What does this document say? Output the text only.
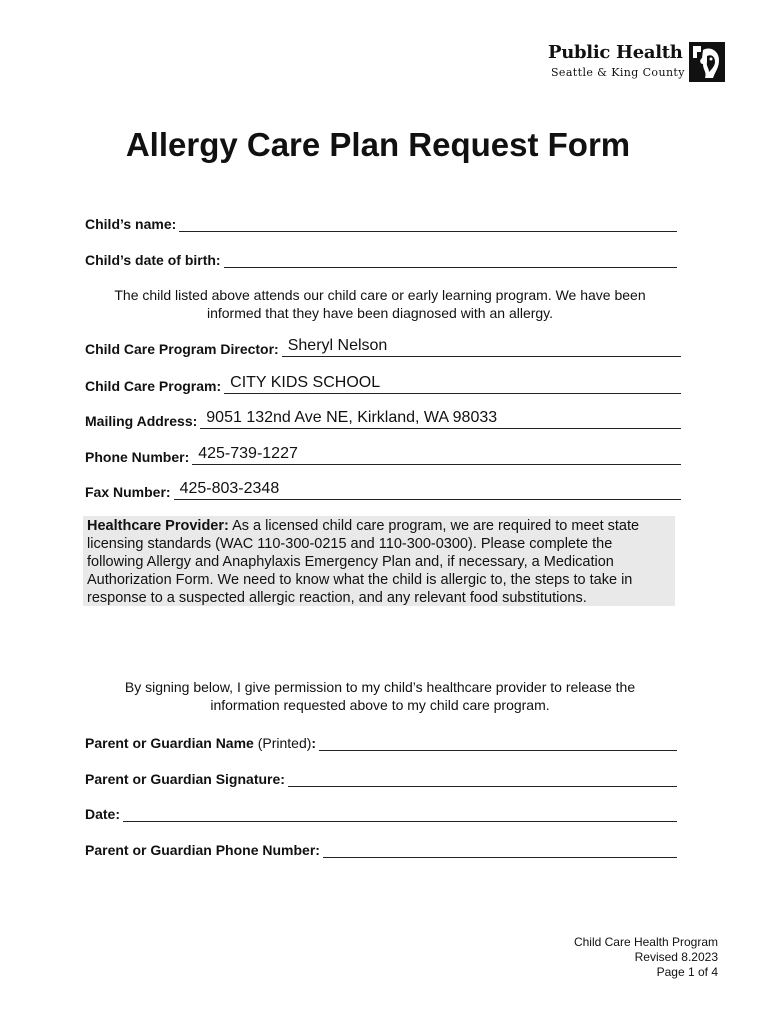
Public Health
Seattle & King County
Allergy Care Plan Request Form
Child’s name:
Child’s date of birth:

The child listed above attends our child care or early learning program. We have been
informed that they have been diagnosed with an allergy.

Child Care Program Director: Sheryl Nelson
Child Care Program: CITY KIDS SCHOOL
Mailing Address: 9051 132nd Ave NE, Kirkland, WA 98033
Phone Number: 425-739-1227
Fax Number: 425-803-2348

Healthcare Provider: As a licensed child care program, we are required to meet state licensing standards (WAC 110-300-0215 and 110-300-0300). Please complete the following Allergy and Anaphylaxis Emergency Plan and, if necessary, a Medication Authorization Form. We need to know what the child is allergic to, the steps to take in response to a suspected allergic reaction, and any relevant food substitutions.

By signing below, I give permission to my child’s healthcare provider to release the
information requested above to my child care program.

Parent or Guardian Name (Printed):
Parent or Guardian Signature:
Date:
Parent or Guardian Phone Number:
Child Care Health Program
Revised 8.2023
Page 1 of 4
